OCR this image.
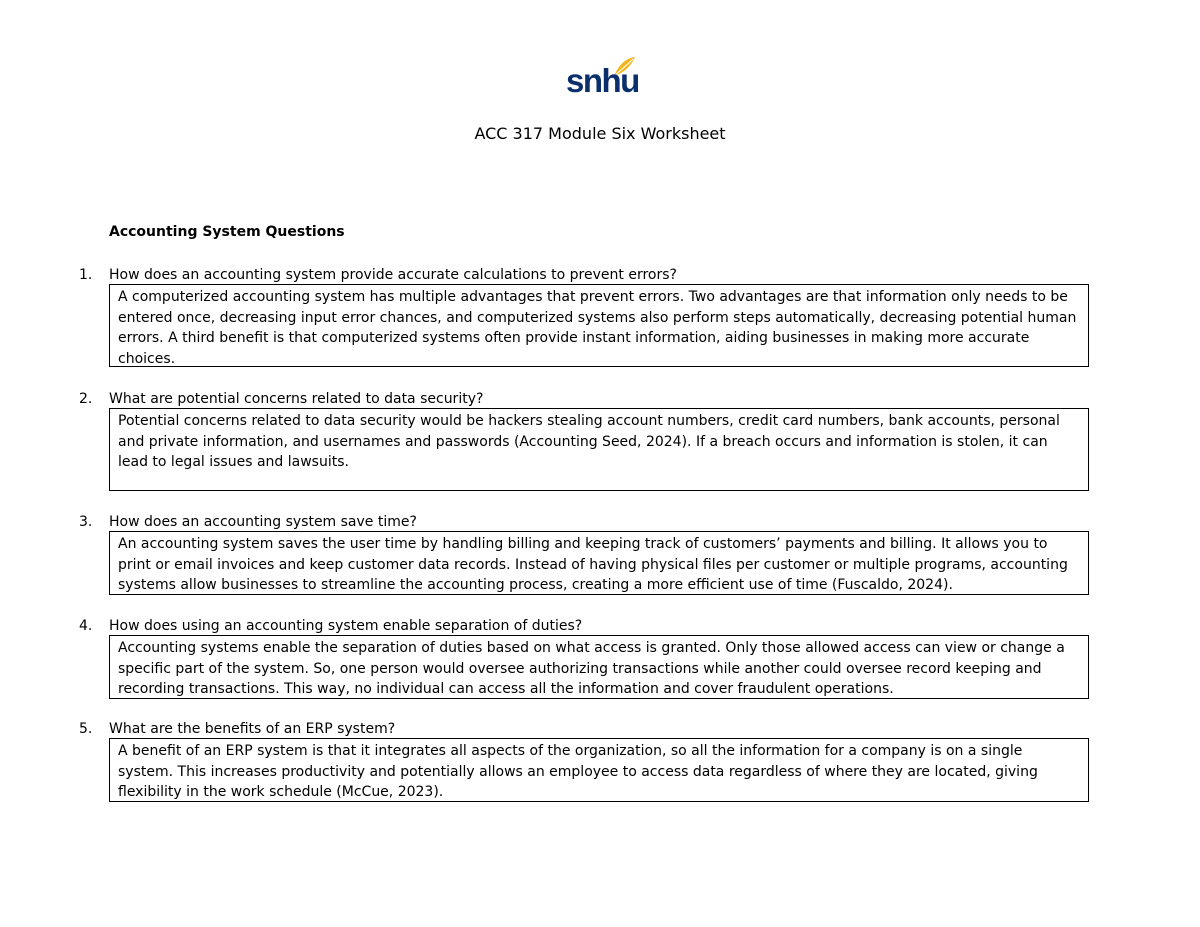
snhu
ACC 317 Module Six Worksheet
Accounting System Questions
1. How does an accounting system provide accurate calculations to prevent errors?
A computerized accounting system has multiple advantages that prevent errors. Two advantages are that information only needs to be entered once, decreasing input error chances, and computerized systems also perform steps automatically, decreasing potential human errors. A third benefit is that computerized systems often provide instant information, aiding businesses in making more accurate choices.
2. What are potential concerns related to data security?
Potential concerns related to data security would be hackers stealing account numbers, credit card numbers, bank accounts, personal and private information, and usernames and passwords (Accounting Seed, 2024). If a breach occurs and information is stolen, it can lead to legal issues and lawsuits.
3. How does an accounting system save time?
An accounting system saves the user time by handling billing and keeping track of customers’ payments and billing. It allows you to print or email invoices and keep customer data records. Instead of having physical files per customer or multiple programs, accounting systems allow businesses to streamline the accounting process, creating a more efficient use of time (Fuscaldo, 2024).
4. How does using an accounting system enable separation of duties?
Accounting systems enable the separation of duties based on what access is granted. Only those allowed access can view or change a specific part of the system. So, one person would oversee authorizing transactions while another could oversee record keeping and recording transactions. This way, no individual can access all the information and cover fraudulent operations.
5. What are the benefits of an ERP system?
A benefit of an ERP system is that it integrates all aspects of the organization, so all the information for a company is on a single system. This increases productivity and potentially allows an employee to access data regardless of where they are located, giving flexibility in the work schedule (McCue, 2023).
